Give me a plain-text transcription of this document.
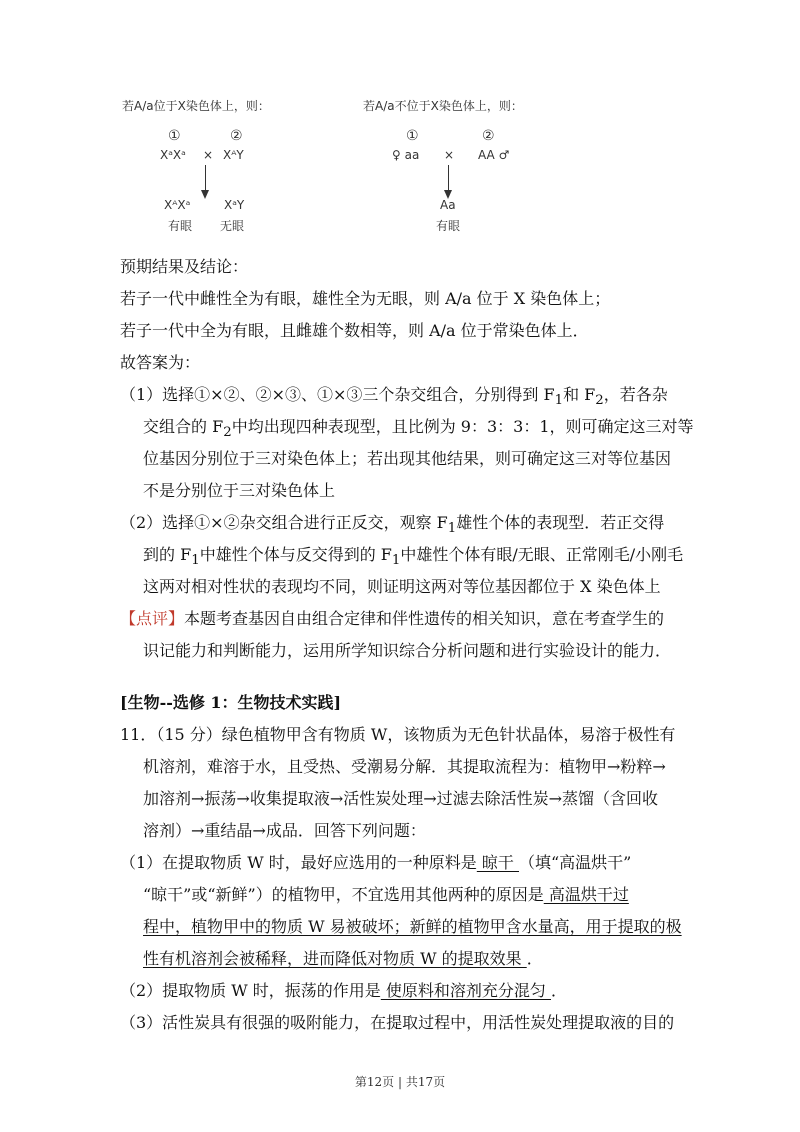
若A/a位于X染色体上，则：
①	②
XᵃXᵃ × XᴬY
XᴬXᵃ	XᵃY
有眼 无眼
若A/a不位于X染色体上，则：
①	②
♀ aa × AA ♂
Aa
有眼
预期结果及结论：
若子一代中雌性全为有眼，雄性全为无眼，则 A/a 位于 X 染色体上；
若子一代中全为有眼，且雌雄个数相等，则 A/a 位于常染色体上．
故答案为：
（1）选择①×②、②×③、①×③三个杂交组合，分别得到 $F_1$和 $F_2$，若各杂
交组合的 $F_2$中均出现四种表现型，且比例为 9：3：3：1，则可确定这三对等
位基因分别位于三对染色体上；若出现其他结果，则可确定这三对等位基因
不是分别位于三对染色体上
（2）选择①×②杂交组合进行正反交，观察 $F_1$雄性个体的表现型．若正交得
到的 $F_1$中雄性个体与反交得到的 $F_1$中雄性个体有眼/无眼、正常刚毛/小刚毛
这两对相对性状的表现均不同，则证明这两对等位基因都位于 X 染色体上
【点评】本题考查基因自由组合定律和伴性遗传的相关知识，意在考查学生的
识记能力和判断能力，运用所学知识综合分析问题和进行实验设计的能力．
[生物--选修 1：生物技术实践]
11．（15 分）绿色植物甲含有物质 W，该物质为无色针状晶体，易溶于极性有
机溶剂，难溶于水，且受热、受潮易分解．其提取流程为：植物甲→粉粹→
加溶剂→振荡→收集提取液→活性炭处理→过滤去除活性炭→蒸馏（含回收
溶剂）→重结晶→成品．回答下列问题：
（1）在提取物质 W 时，最好应选用的一种原料是 晾干 （填“高温烘干”
“晾干”或“新鲜”）的植物甲，不宜选用其他两种的原因是 高温烘干过
程中，植物甲中的物质 W 易被破坏；新鲜的植物甲含水量高，用于提取的极
性有机溶剂会被稀释，进而降低对物质 W 的提取效果 ．
（2）提取物质 W 时，振荡的作用是 使原料和溶剂充分混匀 ．
（3）活性炭具有很强的吸附能力，在提取过程中，用活性炭处理提取液的目的
第12页 | 共17页
